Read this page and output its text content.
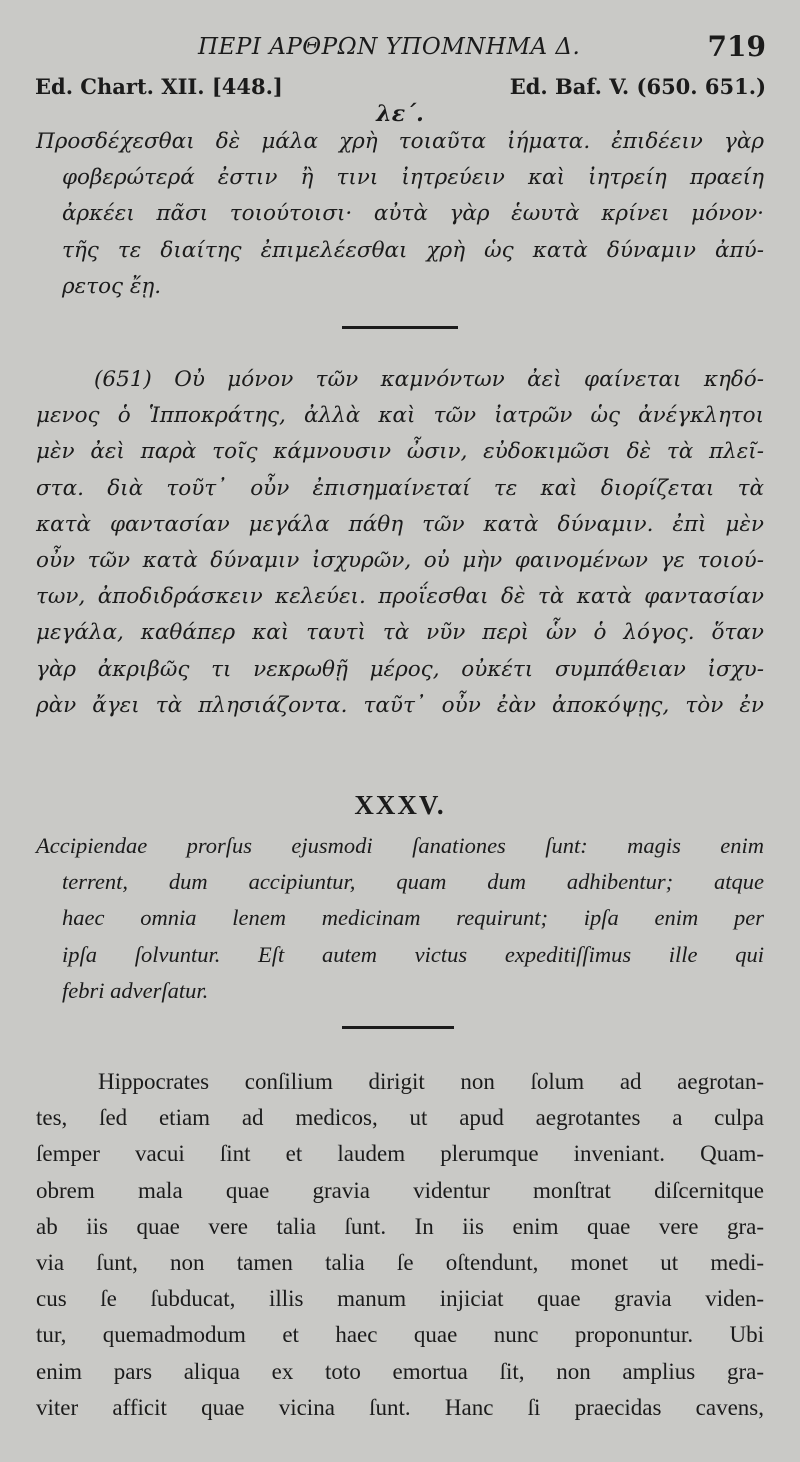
ΠΕΡΙ ΑΡΘΡΩΝ ΥΠΟΜΝΗΜΑ Δ.	719
Ed. Chart. XII. [448.]	Ed. Baf. V. (650. 651.)
λε΄.
Προσδέχεσθαι δὲ μάλα χρὴ τοιαῦτα ἰήματα. ἐπιδέειν γὰρ
φοβερώτερά ἐστιν ἢ τινι ἰητρεύειν καὶ ἰητρείη πραείη
ἀρκέει πᾶσι τοιούτοισι· αὐτὰ γὰρ ἑωυτὰ κρίνει μόνον·
τῆς τε διαίτης ἐπιμελέεσθαι χρὴ ὡς κατὰ δύναμιν ἀπύ-
ρετος ἔῃ.
(651) Οὐ μόνον τῶν καμνόντων ἀεὶ φαίνεται κηδό-
μενος ὁ Ἱπποκράτης, ἀλλὰ καὶ τῶν ἰατρῶν ὡς ἀνέγκλητοι
μὲν ἀεὶ παρὰ τοῖς κάμνουσιν ὦσιν, εὐδοκιμῶσι δὲ τὰ πλεῖ-
στα. διὰ τοῦτ᾽ οὖν ἐπισημαίνεταί τε καὶ διορίζεται τὰ
κατὰ φαντασίαν μεγάλα πάθη τῶν κατὰ δύναμιν. ἐπὶ μὲν
οὖν τῶν κατὰ δύναμιν ἰσχυρῶν, οὐ μὴν φαινομένων γε τοιού-
των, ἀποδιδράσκειν κελεύει. προΐεσθαι δὲ τὰ κατὰ φαντασίαν
μεγάλα, καθάπερ καὶ ταυτὶ τὰ νῦν περὶ ὧν ὁ λόγος. ὅταν
γὰρ ἀκριβῶς τι νεκρωθῇ μέρος, οὐκέτι συμπάθειαν ἰσχυ-
ρὰν ἄγει τὰ πλησιάζοντα. ταῦτ᾽ οὖν ἐὰν ἀποκόψῃς, τὸν ἐν
XXXV.
Accipiendae prorſus ejusmodi ſanationes ſunt: magis enim
terrent, dum accipiuntur, quam dum adhibentur; atque
haec omnia lenem medicinam requirunt; ipſa enim per
ipſa ſolvuntur. Eſt autem victus expeditiſſimus ille qui
febri adverſatur.
Hippocrates conſilium dirigit non ſolum ad aegrotan-
tes, ſed etiam ad medicos, ut apud aegrotantes a culpa
ſemper vacui ſint et laudem plerumque inveniant. Quam-
obrem mala quae gravia videntur monſtrat diſcernitque
ab iis quae vere talia ſunt. In iis enim quae vere gra-
via ſunt, non tamen talia ſe oſtendunt, monet ut medi-
cus ſe ſubducat, illis manum injiciat quae gravia viden-
tur, quemadmodum et haec quae nunc proponuntur. Ubi
enim pars aliqua ex toto emortua ſit, non amplius gra-
viter afficit quae vicina ſunt. Hanc ſi praecidas cavens,
